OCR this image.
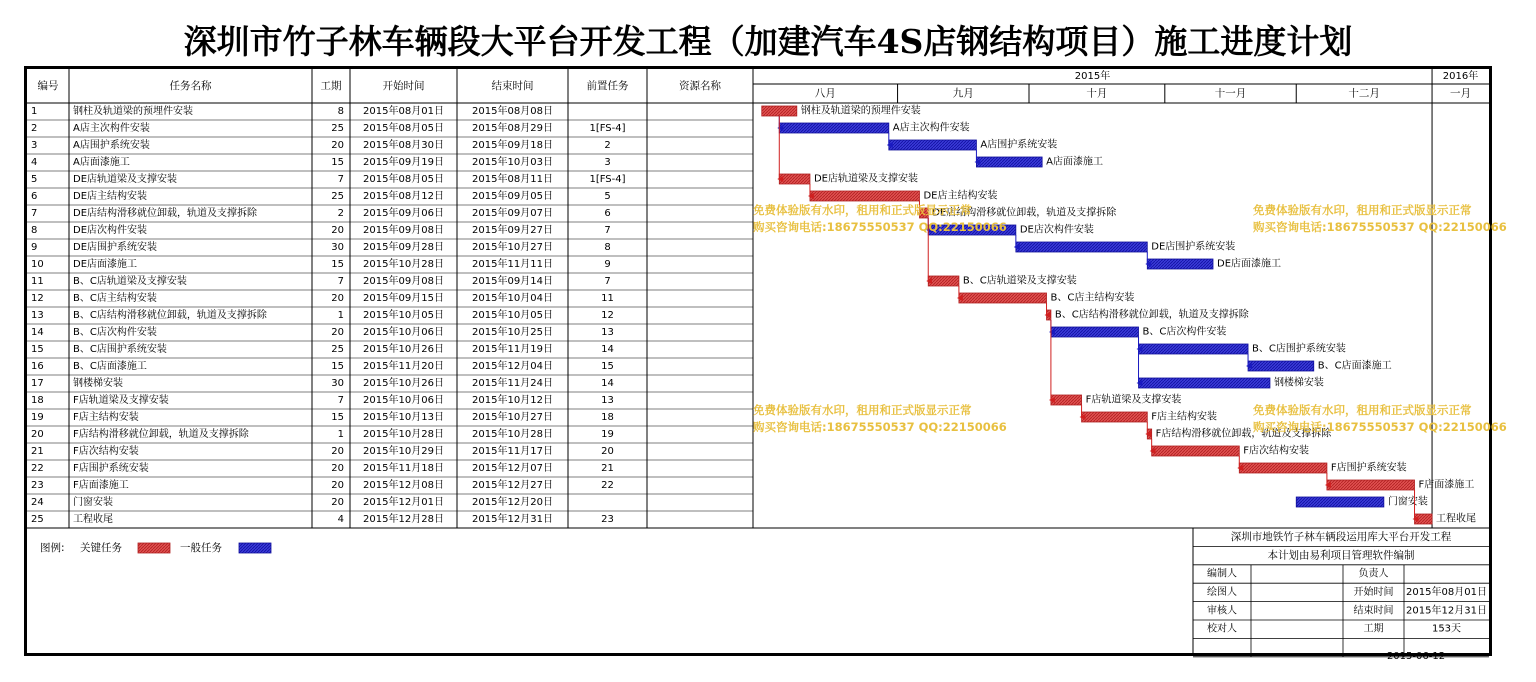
深圳市竹子林车辆段大平台开发工程（加建汽车4S店钢结构项目）施工进度计划
编号	任务名称	工期	开始时间	结束时间	前置任务	资源名称
2015年	2016年
八月	九月	十月	十一月	十二月	一月
1	钢柱及轨道梁的预埋件安装	8 2015年08月01日	2015年08月08日
2	A店主次构件安装	25 2015年08月05日	2015年08月29日	1[FS-4]
3	A店围护系统安装	20 2015年08月30日	2015年09月18日	2
4	A店面漆施工	15 2015年09月19日	2015年10月03日	3
5	DE店轨道梁及支撑安装	7 2015年08月05日	2015年08月11日	1[FS-4]
6	DE店主结构安装	25 2015年08月12日	2015年09月05日	5
7	DE店结构滑移就位卸载，轨道及支撑拆除	2 2015年09月06日	2015年09月07日	6
8	DE店次构件安装	20 2015年09月08日	2015年09月27日	7
9	DE店围护系统安装	30 2015年09月28日	2015年10月27日	8
10	DE店面漆施工	15 2015年10月28日	2015年11月11日	9
11	B、C店轨道梁及支撑安装	7 2015年09月08日	2015年09月14日	7
12	B、C店主结构安装	20 2015年09月15日	2015年10月04日	11
13	B、C店结构滑移就位卸载，轨道及支撑拆除	1 2015年10月05日	2015年10月05日	12
14	B、C店次构件安装	20 2015年10月06日	2015年10月25日	13
15	B、C店围护系统安装	25 2015年10月26日	2015年11月19日	14
16	B、C店面漆施工	15 2015年11月20日	2015年12月04日	15
17	钢楼梯安装	30 2015年10月26日	2015年11月24日	14
18	F店轨道梁及支撑安装	7 2015年10月06日	2015年10月12日	13
19	F店主结构安装	15 2015年10月13日	2015年10月27日	18
20	F店结构滑移就位卸载，轨道及支撑拆除	1 2015年10月28日	2015年10月28日	19
21	F店次结构安装	20 2015年10月29日	2015年11月17日	20
22	F店围护系统安装	20 2015年11月18日	2015年12月07日	21
23	F店面漆施工	20 2015年12月08日	2015年12月27日	22
24	门窗安装	20 2015年12月01日	2015年12月20日
25	工程收尾	4 2015年12月28日	2015年12月31日	23
钢柱及轨道梁的预埋件安装
A店主次构件安装
A店围护系统安装
A店面漆施工
DE店轨道梁及支撑安装
DE店主结构安装
DE店结构滑移就位卸载，轨道及支撑拆除
DE店次构件安装
DE店围护系统安装
DE店面漆施工
B、C店轨道梁及支撑安装
B、C店主结构安装
B、C店结构滑移就位卸载，轨道及支撑拆除
B、C店次构件安装
B、C店围护系统安装
B、C店面漆施工
钢楼梯安装
F店轨道梁及支撑安装
F店主结构安装
F店结构滑移就位卸载，轨道及支撑拆除
F店次结构安装
F店围护系统安装
F店面漆施工
门窗安装
工程收尾
免费体验版有水印，租用和正式版显示正常
购买咨询电话:18675550537 QQ:22150066
免费体验版有水印，租用和正式版显示正常
购买咨询电话:18675550537 QQ:22150066
免费体验版有水印，租用和正式版显示正常
购买咨询电话:18675550537 QQ:22150066
免费体验版有水印，租用和正式版显示正常
购买咨询电话:18675550537 QQ:22150066
图例: 关键任务	一般任务
深圳市地铁竹子林车辆段运用库大平台开发工程
本计划由易利项目管理软件编制
编制人	负责人
绘图人	开始时间 2015年08月01日
审核人	结束时间 2015年12月31日
校对人	工期	153天
2015-06-12
